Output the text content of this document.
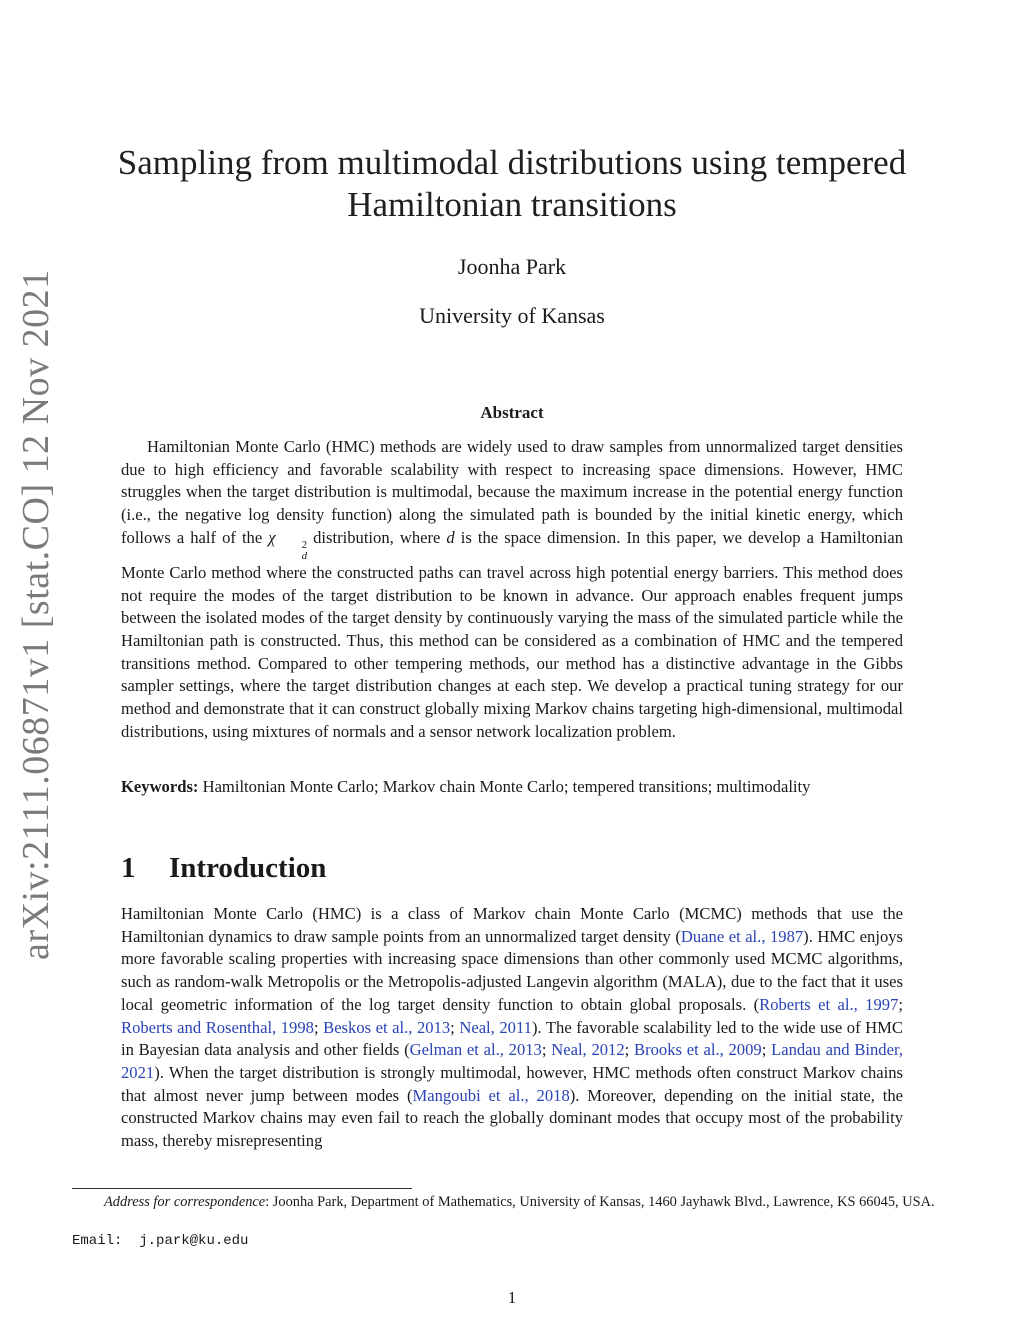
arXiv:2111.06871v1 [stat.CO] 12 Nov 2021
Sampling from multimodal distributions using tempered Hamiltonian transitions
Joonha Park
University of Kansas
Abstract

Hamiltonian Monte Carlo (HMC) methods are widely used to draw samples from unnormalized target densities due to high efficiency and favorable scalability with respect to increasing space dimensions. However, HMC struggles when the target distribution is multimodal, because the maximum increase in the potential energy function (i.e., the negative log density function) along the simulated path is bounded by the initial kinetic energy, which follows a half of the χ	2
d
distribution, where d is the space dimension. In this paper, we develop a Hamiltonian Monte Carlo method where the constructed paths can travel across high potential energy barriers. This method does not require the modes of the target distribution to be known in advance. Our approach enables frequent jumps between the isolated modes of the target density by continuously varying the mass of the simulated particle while the Hamiltonian path is constructed. Thus, this method can be considered as a combination of HMC and the tempered transitions method. Compared to other tempering methods, our method has a distinctive advantage in the Gibbs sampler settings, where the target distribution changes at each step. We develop a practical tuning strategy for our method and demonstrate that it can construct globally mixing Markov chains targeting high-dimensional, multimodal distributions, using mixtures of normals and a sensor network localization problem.

Keywords: Hamiltonian Monte Carlo; Markov chain Monte Carlo; tempered transitions; multimodality

1 Introduction

Hamiltonian Monte Carlo (HMC) is a class of Markov chain Monte Carlo (MCMC) methods that use the Hamiltonian dynamics to draw sample points from an unnormalized target density (Duane et al., 1987). HMC enjoys more favorable scaling properties with increasing space dimensions than other commonly used MCMC algorithms, such as random-walk Metropolis or the Metropolis-adjusted Langevin algorithm (MALA), due to the fact that it uses local geometric information of the log target density function to obtain global proposals. (Roberts et al., 1997; Roberts and Rosenthal, 1998; Beskos et al., 2013; Neal, 2011). The favorable scalability led to the wide use of HMC in Bayesian data analysis and other fields (Gelman et al., 2013; Neal, 2012; Brooks et al., 2009; Landau and Binder, 2021). When the target distribution is strongly multimodal, however, HMC methods often construct Markov chains that almost never jump between modes (Mangoubi et al., 2018). Moreover, depending on the initial state, the constructed Markov chains may even fail to reach the globally dominant modes that occupy most of the probability mass, thereby misrepresenting

Address for correspondence: Joonha Park, Department of Mathematics, University of Kansas, 1460 Jayhawk Blvd., Lawrence, KS 66045, USA.

Email: j.park@ku.edu
1
